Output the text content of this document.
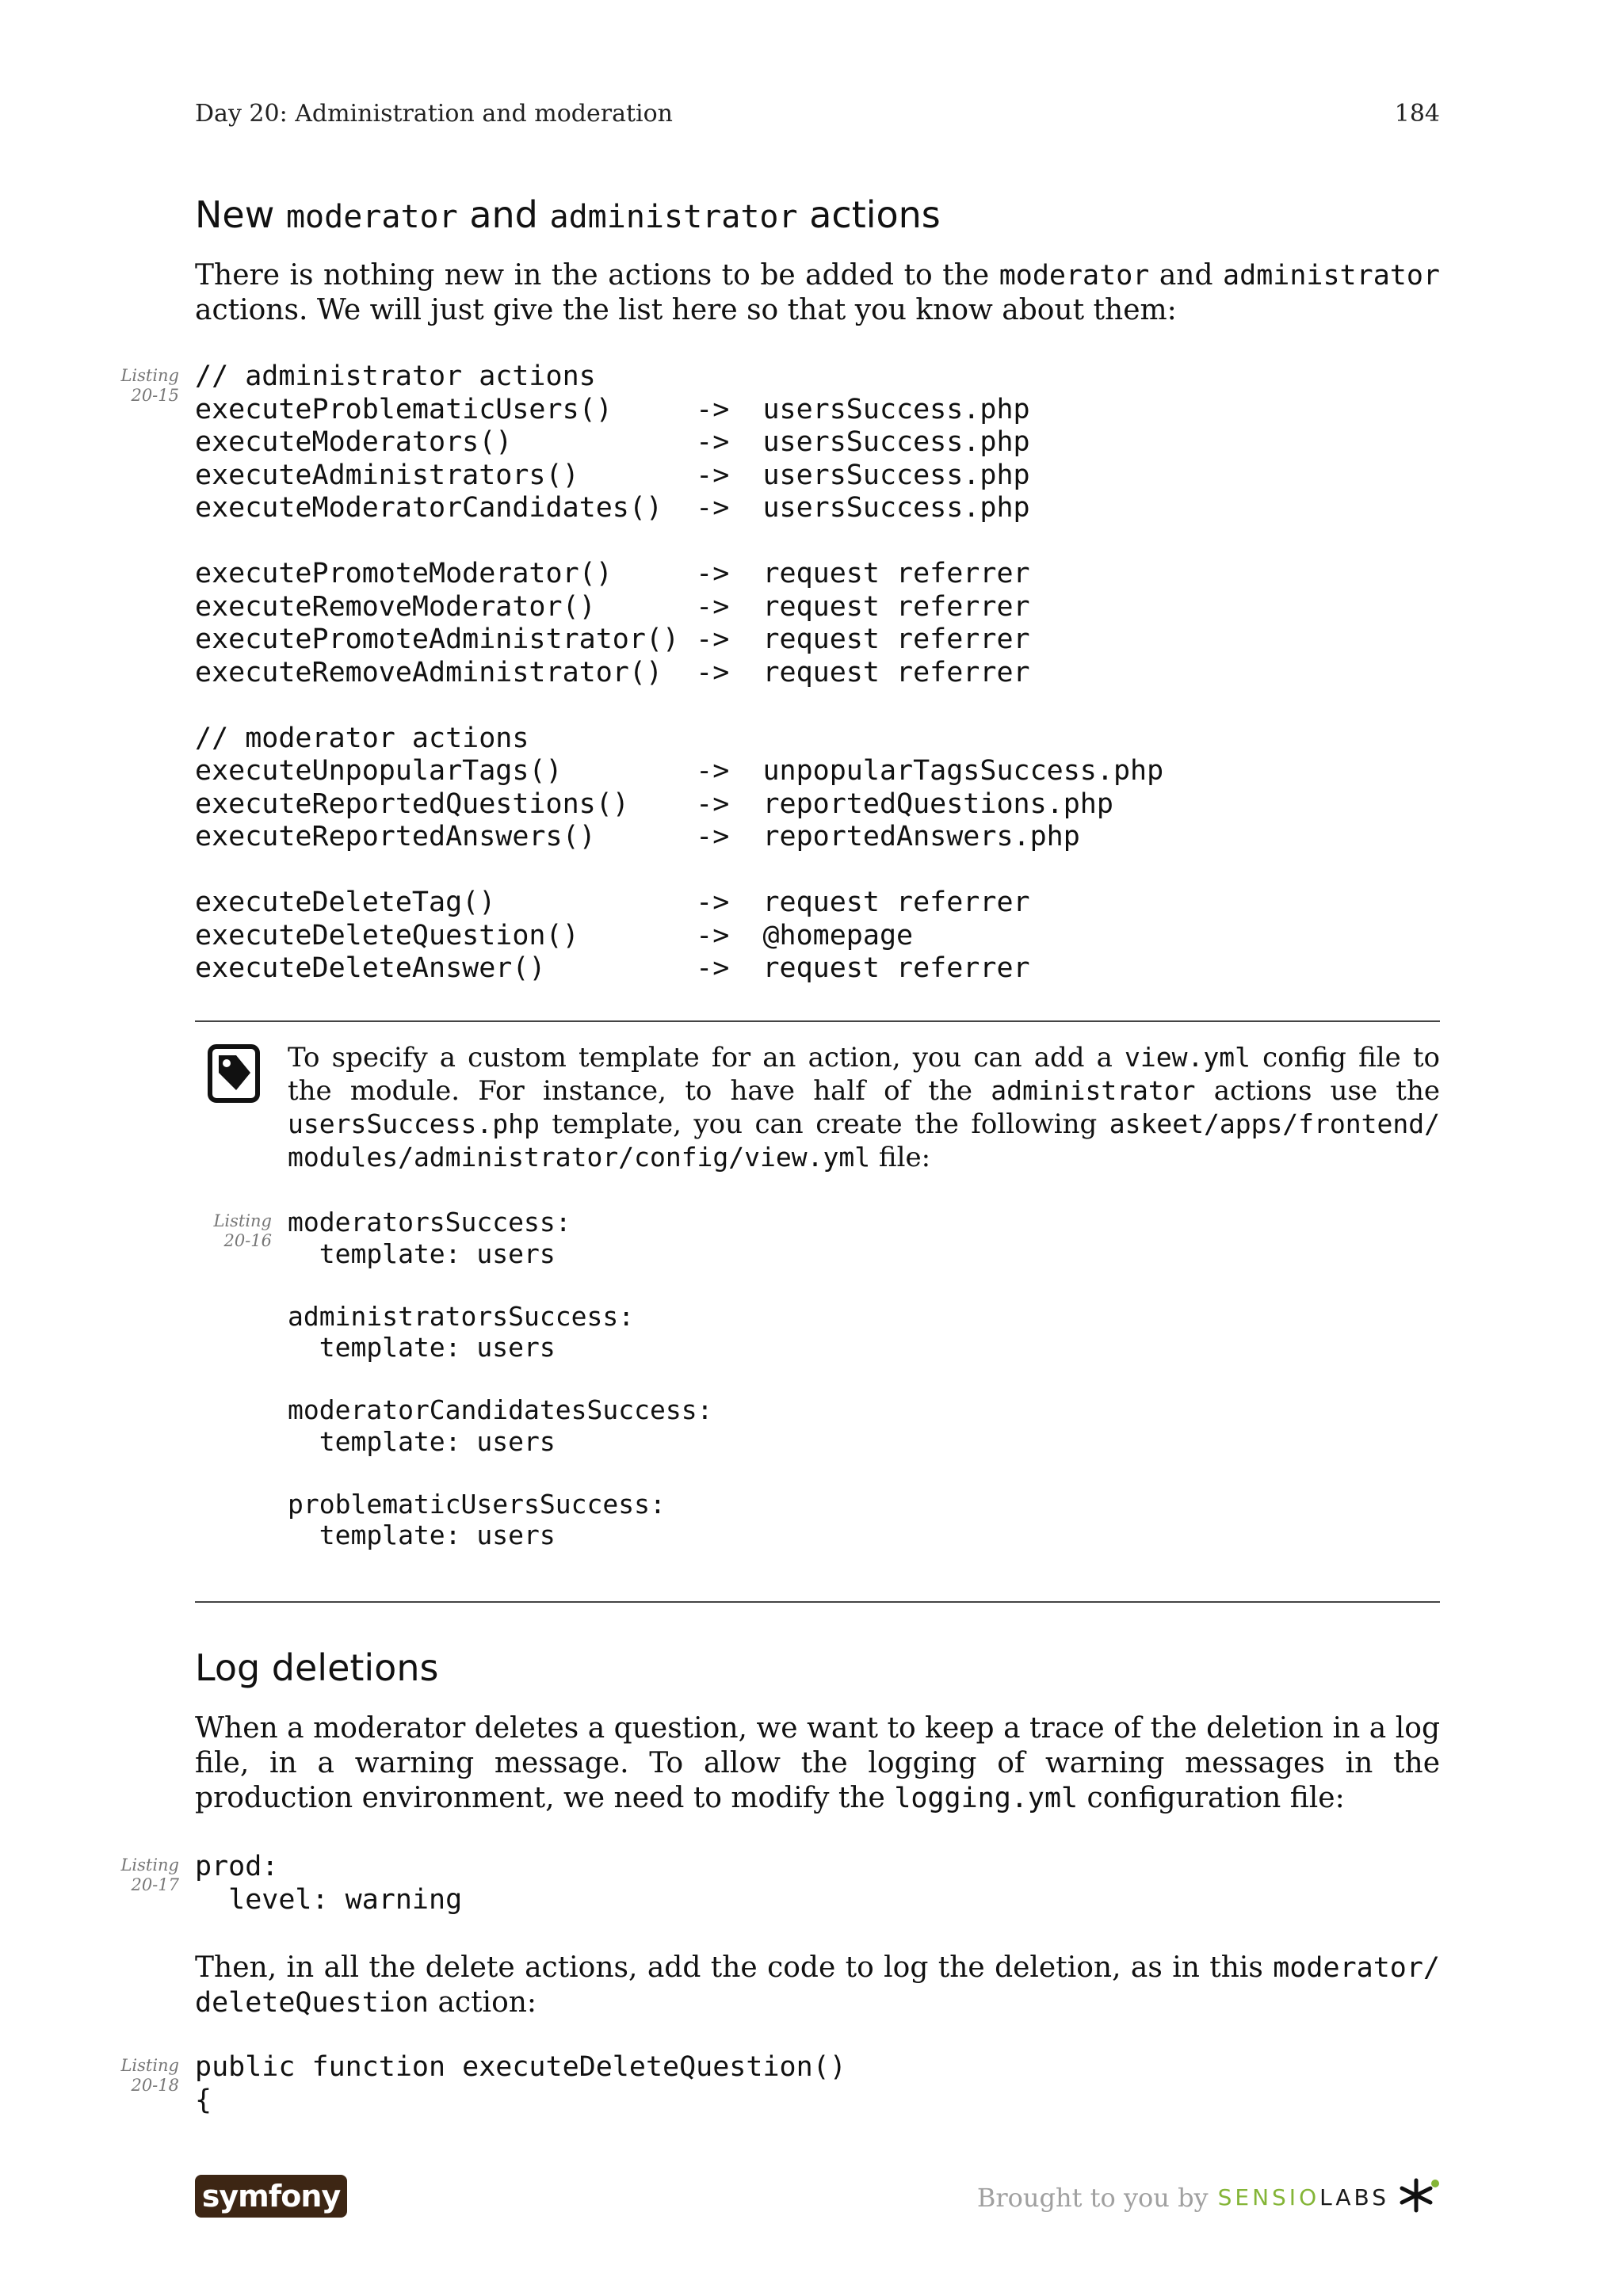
Day 20: Administration and moderation	184
New moderator and administrator actions
There is nothing new in the actions to be added to the moderator and administrator actions. We will just give the list here so that you know about them:
Listing
20-15
// administrator actions
executeProblematicUsers()     ->  usersSuccess.php
executeModerators()           ->  usersSuccess.php
executeAdministrators()       ->  usersSuccess.php
executeModeratorCandidates()  ->  usersSuccess.php

executePromoteModerator()     ->  request referrer
executeRemoveModerator()      ->  request referrer
executePromoteAdministrator() ->  request referrer
executeRemoveAdministrator()  ->  request referrer

// moderator actions
executeUnpopularTags()        ->  unpopularTagsSuccess.php
executeReportedQuestions()    ->  reportedQuestions.php
executeReportedAnswers()      ->  reportedAnswers.php

executeDeleteTag()            ->  request referrer
executeDeleteQuestion()       ->  @homepage
executeDeleteAnswer()         ->  request referrer
To specify a custom template for an action, you can add a view.yml config file to the module. For instance, to have half of the administrator actions use the usersSuccess.php template, you can create the following askeet/apps/frontend/ modules/administrator/config/view.yml file:
Listing
20-16
moderatorsSuccess:
template: users

administratorsSuccess:
template: users

moderatorCandidatesSuccess:
template: users

problematicUsersSuccess:
template: users
Log deletions
When a moderator deletes a question, we want to keep a trace of the deletion in a log file, in a warning message. To allow the logging of warning messages in the production environment, we need to modify the logging.yml configuration file:
Listing
20-17
prod:
level: warning
Then, in all the delete actions, add the code to log the deletion, as in this moderator/ deleteQuestion action:
Listing
20-18
public function executeDeleteQuestion()
{
symfony	Brought to you by SENSIOLABS
